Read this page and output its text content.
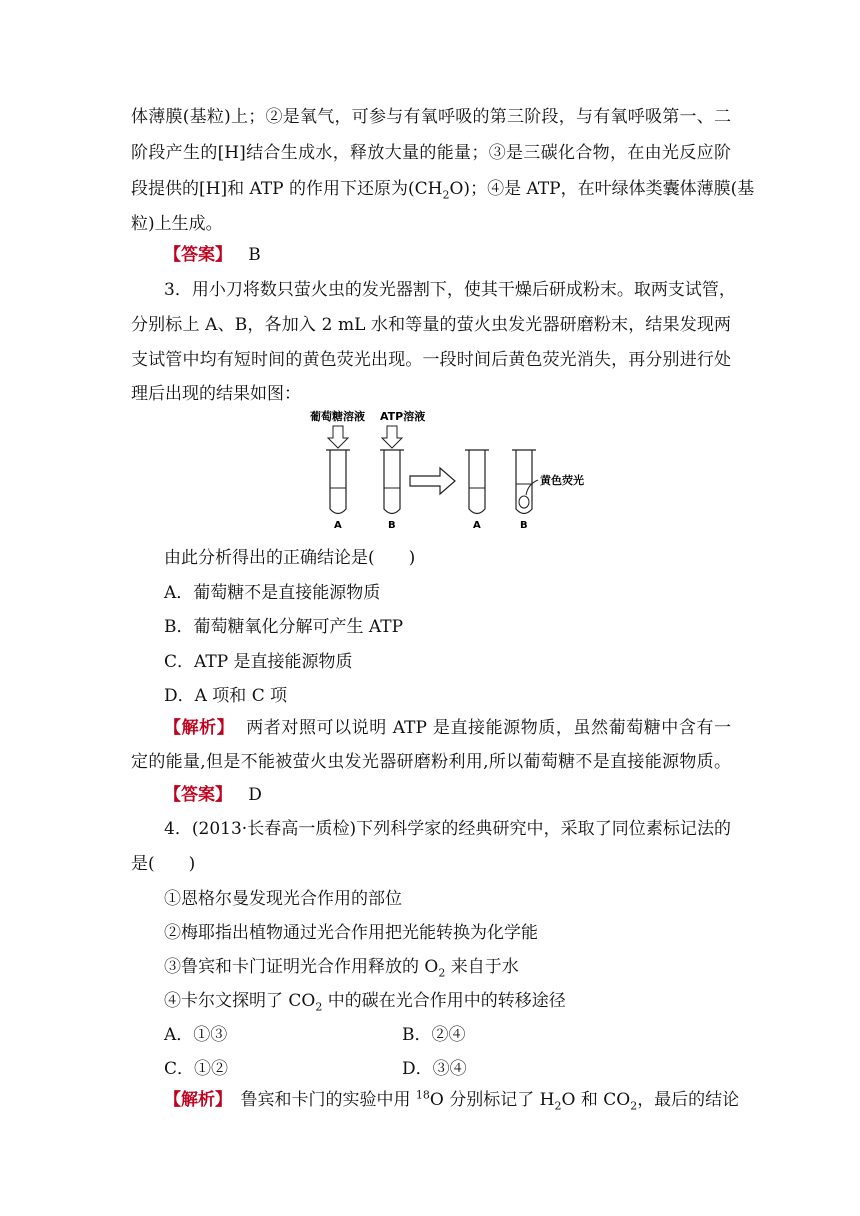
体薄膜(基粒)上；②是氧气，可参与有氧呼吸的第三阶段，与有氧呼吸第一、二
阶段产生的[H]结合生成水，释放大量的能量；③是三碳化合物，在由光反应阶
段提供的[H]和 ATP 的作用下还原为$(CH_2O)$；④是 ATP，在叶绿体类囊体薄膜(基
粒)上生成。
【答案】 B
3．用小刀将数只萤火虫的发光器割下，使其干燥后研成粉末。取两支试管，
分别标上 A、B，各加入 2 mL 水和等量的萤火虫发光器研磨粉末，结果发现两
支试管中均有短时间的黄色荧光出现。一段时间后黄色荧光消失，再分别进行处
理后出现的结果如图：
葡萄糖溶液 ATP溶液
黄色荧光
A	B	A	B
由此分析得出的正确结论是(　　)
A．葡萄糖不是直接能源物质
B．葡萄糖氧化分解可产生 ATP
C．ATP 是直接能源物质
D．A 项和 C 项
【解析】 两者对照可以说明 ATP 是直接能源物质，虽然葡萄糖中含有一
定的能量,但是不能被萤火虫发光器研磨粉利用,所以葡萄糖不是直接能源物质。
【答案】 D
4．(2013·长春高一质检)下列科学家的经典研究中，采取了同位素标记法的
是(　　)
①恩格尔曼发现光合作用的部位
②梅耶指出植物通过光合作用把光能转换为化学能
③鲁宾和卡门证明光合作用释放的 $O_2$ 来自于水
④卡尔文探明了 $CO_2$ 中的碳在光合作用中的转移途径
A．①③	B．②④
C．①②	D．③④
【解析】　鲁宾和卡门的实验中用 $^{18}$O 分别标记了 $H_2O$ 和 $CO_2$，最后的结论
